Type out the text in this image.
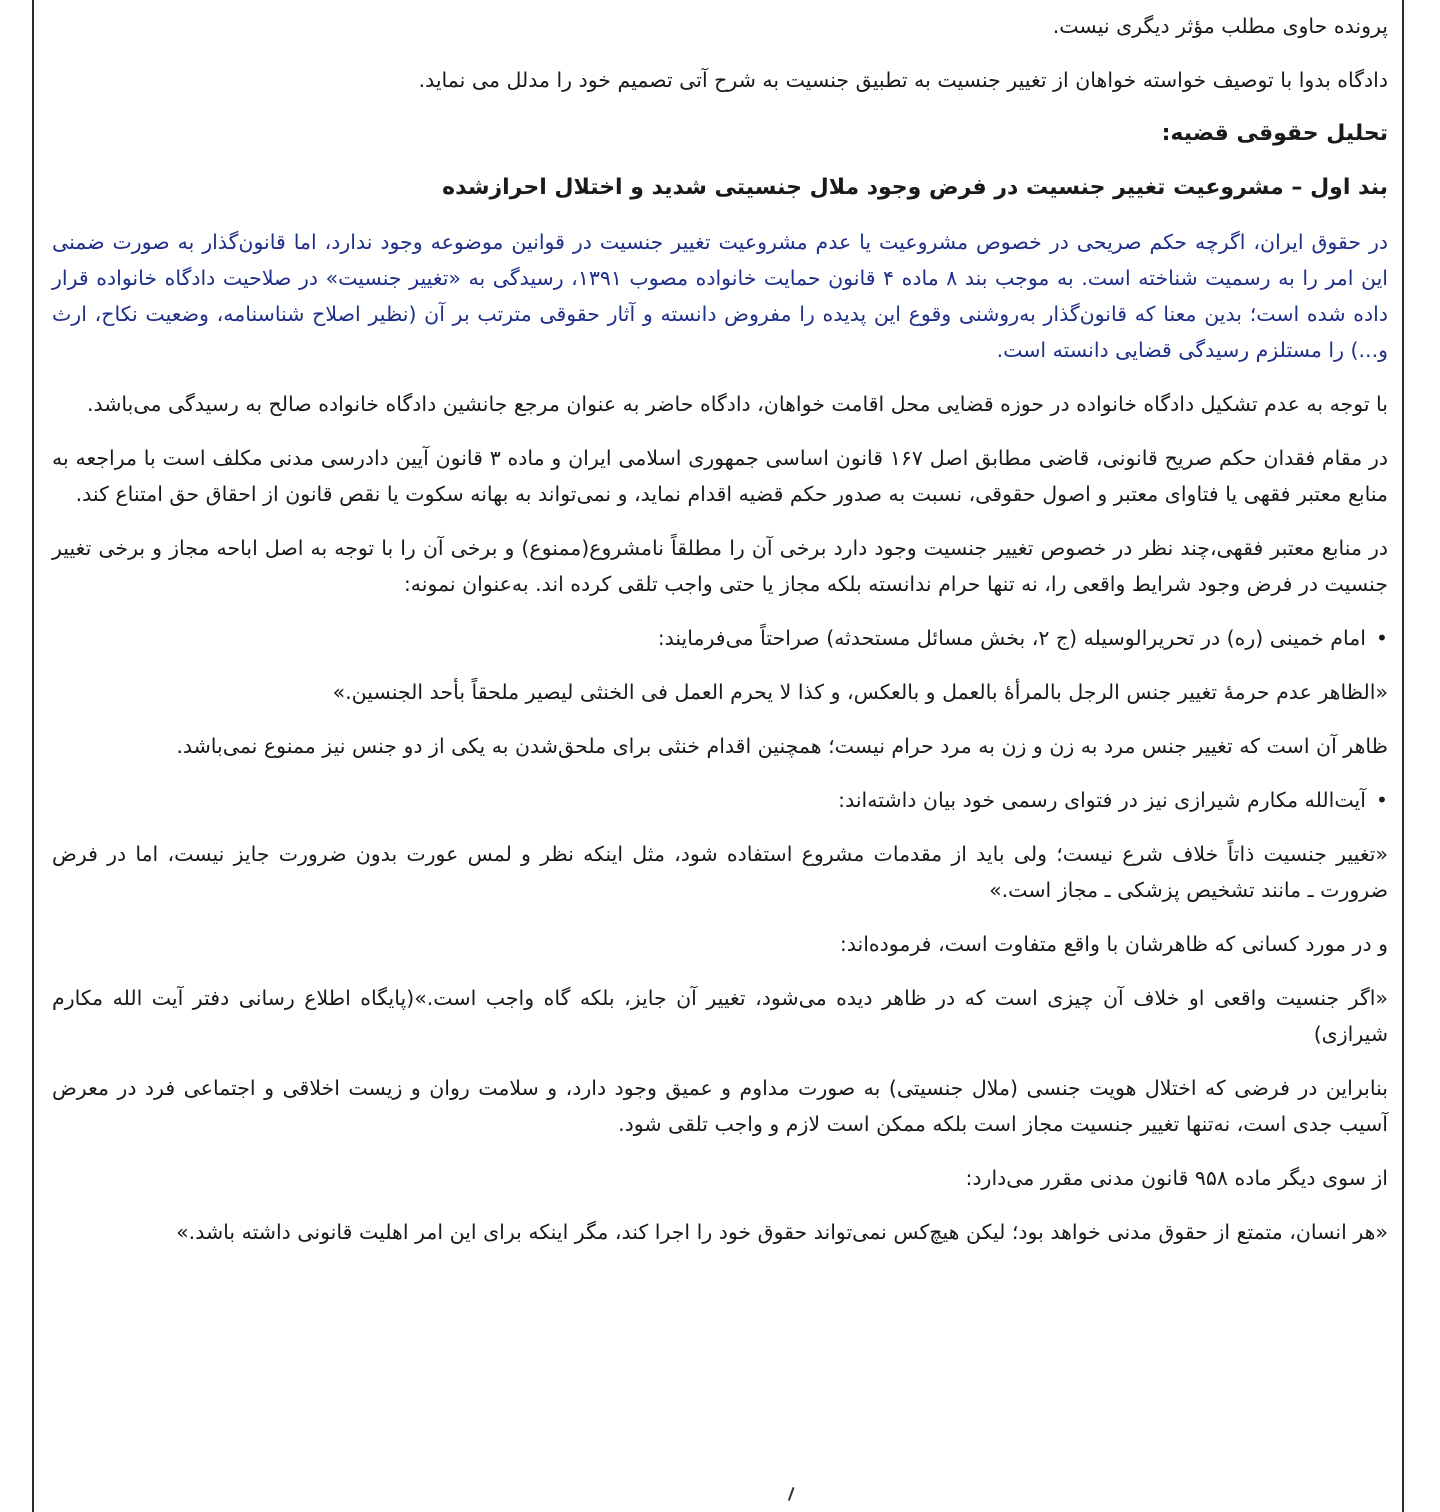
پرونده حاوی مطلب مؤثر دیگری نیست.

دادگاه بدوا با توصیف خواسته خواهان از تغییر جنسیت به تطبیق جنسیت به شرح آتی تصمیم خود را مدلل می نماید.

تحلیل حقوقی قضیه:

بند اول – مشروعیت تغییر جنسیت در فرض وجود ملال جنسیتی شدید و اختلال احرازشده

در حقوق ایران، اگرچه حکم صریحی در خصوص مشروعیت یا عدم مشروعیت تغییر جنسیت در قوانین موضوعه وجود ندارد، اما قانون‌گذار به صورت ضمنی این امر را به رسمیت شناخته است. به موجب بند ۸ ماده ۴ قانون حمایت خانواده مصوب ۱۳۹۱، رسیدگی به «تغییر جنسیت» در صلاحیت دادگاه خانواده قرار داده شده است؛ بدین معنا که قانون‌گذار به‌روشنی وقوع این پدیده را مفروض دانسته و آثار حقوقی مترتب بر آن (نظیر اصلاح شناسنامه، وضعیت نکاح، ارث و...) را مستلزم رسیدگی قضایی دانسته است.

با توجه به عدم تشکیل دادگاه خانواده در حوزه قضایی محل اقامت خواهان، دادگاه حاضر به عنوان مرجع جانشین دادگاه خانواده صالح به رسیدگی می‌باشد.

در مقام فقدان حکم صریح قانونی، قاضی مطابق اصل ۱۶۷ قانون اساسی جمهوری اسلامی ایران و ماده ۳ قانون آیین دادرسی مدنی مکلف است با مراجعه به منابع معتبر فقهی یا فتاوای معتبر و اصول حقوقی، نسبت به صدور حکم قضیه اقدام نماید، و نمی‌تواند به بهانه سکوت یا نقص قانون از احقاق حق امتناع کند.

در منابع معتبر فقهی،چند نظر در خصوص تغییر جنسیت وجود دارد برخی آن را مطلقاً نامشروع(ممنوع) و برخی آن را با توجه به اصل اباحه مجاز و برخی تغییر جنسیت در فرض وجود شرایط واقعی را، نه تنها حرام ندانسته بلکه مجاز یا حتی واجب تلقی کرده اند. به‌عنوان نمونه:

• امام خمینی (ره) در تحریرالوسیله (ج ۲، بخش مسائل مستحدثه) صراحتاً می‌فرمایند:

«الظاهر عدم حرمهٔ تغییر جنس الرجل بالمرأهٔ بالعمل و بالعکس، و کذا لا یحرم العمل فی الخنثی لیصیر ملحقاً بأحد الجنسین.»

ظاهر آن است که تغییر جنس مرد به زن و زن به مرد حرام نیست؛ همچنین اقدام خنثی برای ملحق‌شدن به یکی از دو جنس نیز ممنوع نمی‌باشد.

• آیت‌الله مکارم شیرازی نیز در فتوای رسمی خود بیان داشته‌اند:

«تغییر جنسیت ذاتاً خلاف شرع نیست؛ ولی باید از مقدمات مشروع استفاده شود، مثل اینکه نظر و لمس عورت بدون ضرورت جایز نیست، اما در فرض ضرورت ـ مانند تشخیص پزشکی ـ مجاز است.»

و در مورد کسانی که ظاهرشان با واقع متفاوت است، فرموده‌اند:

«اگر جنسیت واقعی او خلاف آن چیزی است که در ظاهر دیده می‌شود، تغییر آن جایز، بلکه گاه واجب است.»(پایگاه اطلاع رسانی دفتر آیت الله مکارم شیرازی)

بنابراین در فرضی که اختلال هویت جنسی (ملال جنسیتی) به صورت مداوم و عمیق وجود دارد، و سلامت روان و زیست اخلاقی و اجتماعی فرد در معرض آسیب جدی است، نه‌تنها تغییر جنسیت مجاز است بلکه ممکن است لازم و واجب تلقی شود.

از سوی دیگر ماده ۹۵۸ قانون مدنی مقرر می‌دارد:

«هر انسان، متمتع از حقوق مدنی خواهد بود؛ لیکن هیچ‌کس نمی‌تواند حقوق خود را اجرا کند، مگر اینکه برای این امر اهلیت قانونی داشته باشد.»
